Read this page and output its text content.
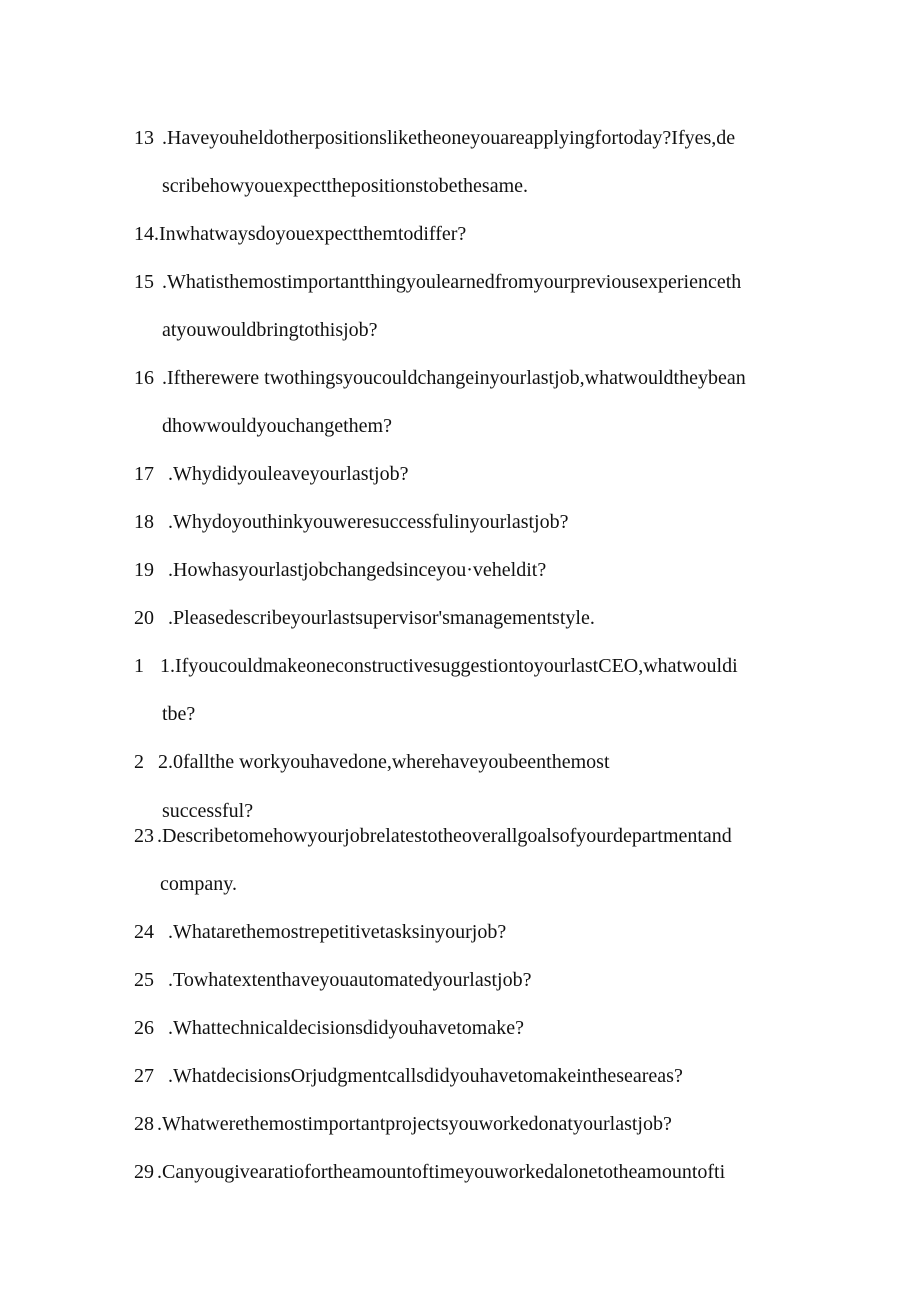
13 .Haveyouheldotherpositionsliketheoneyouareapplyingfortoday?Ifyes,de

scribehowyouexpectthepositionstobethesame.

14.Inwhatwaysdoyouexpectthemtodiffer?

15 .Whatisthemostimportantthingyoulearnedfromyourpreviousexperienceth

atyouwouldbringtothisjob?

16 .Iftherewere twothingsyoucouldchangeinyourlastjob,whatwouldtheybean

dhowwouldyouchangethem?

17 .Whydidyouleaveyourlastjob?

18 .Whydoyouthinkyouweresuccessfulinyourlastjob?

19 .Howhasyourlastjobchangedsinceyou·veheldit?

20 .Pleasedescribeyourlastsupervisor'smanagementstyle.

1 1.IfyoucouldmakeoneconstructivesuggestiontoyourlastCEO,whatwouldi

tbe?

2 2.0fallthe workyouhavedone,wherehaveyoubeenthemost

successful?

23 .Describetomehowyourjobrelatestotheoverallgoalsofyourdepartmentand

company.

24 .Whatarethemostrepetitivetasksinyourjob?

25 .Towhatextenthaveyouautomatedyourlastjob?

26 .Whattechnicaldecisionsdidyouhavetomake?

27 .WhatdecisionsOrjudgmentcallsdidyouhavetomakeintheseareas?

28 .Whatwerethemostimportantprojectsyouworkedonatyourlastjob?

29 .Canyougivearatiofortheamountoftimeyouworkedalonetotheamountofti
